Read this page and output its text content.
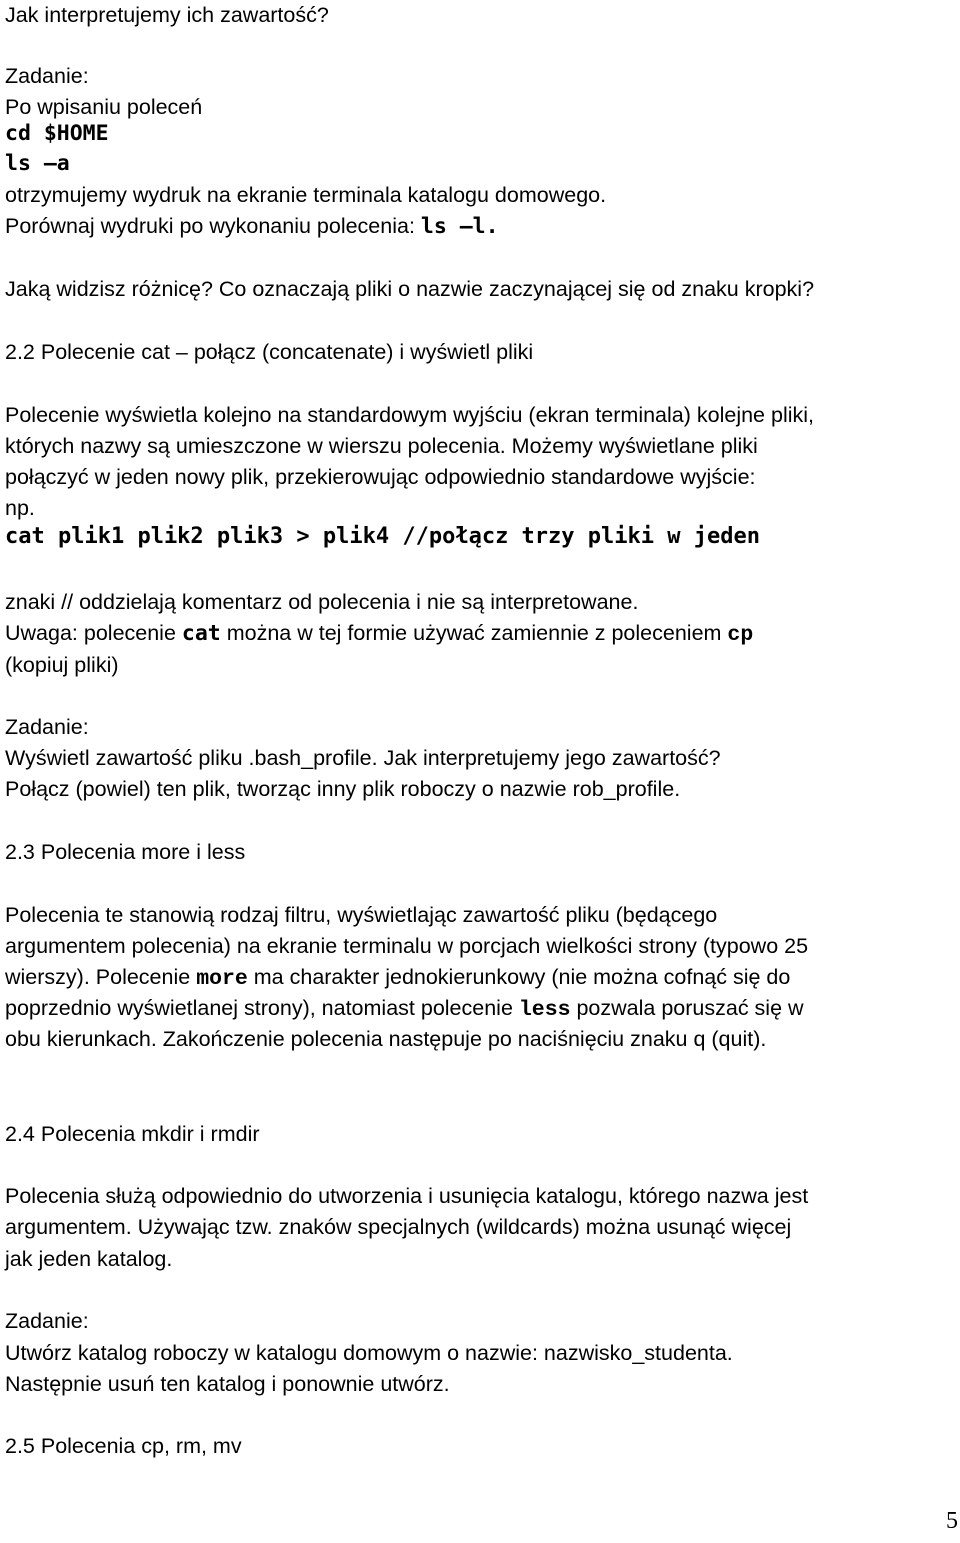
Jak interpretujemy ich zawartość?
Zadanie:
Po wpisaniu poleceń
cd $HOME
ls –a
otrzymujemy wydruk na ekranie terminala katalogu domowego.
Porównaj wydruki po wykonaniu polecenia: ls –l.
Jaką widzisz różnicę? Co oznaczają pliki o nazwie zaczynającej się od znaku kropki?
2.2 Polecenie cat – połącz (concatenate) i wyświetl pliki
Polecenie wyświetla kolejno na standardowym wyjściu (ekran terminala) kolejne pliki,
których nazwy są umieszczone w wierszu polecenia. Możemy wyświetlane pliki
połączyć w jeden nowy plik, przekierowując odpowiednio standardowe wyjście:
np.
cat plik1 plik2 plik3 > plik4 //połącz trzy pliki w jeden
znaki // oddzielają komentarz od polecenia i nie są interpretowane.
Uwaga: polecenie cat można w tej formie używać zamiennie z poleceniem cp
(kopiuj pliki)
Zadanie:
Wyświetl zawartość pliku .bash_profile. Jak interpretujemy jego zawartość?
Połącz (powiel) ten plik, tworząc inny plik roboczy o nazwie rob_profile.
2.3 Polecenia more i less
Polecenia te stanowią rodzaj filtru, wyświetlając zawartość pliku (będącego
argumentem polecenia) na ekranie terminalu w porcjach wielkości strony (typowo 25
wierszy). Polecenie more ma charakter jednokierunkowy (nie można cofnąć się do
poprzednio wyświetlanej strony), natomiast polecenie less pozwala poruszać się w
obu kierunkach. Zakończenie polecenia następuje po naciśnięciu znaku q (quit).
2.4 Polecenia mkdir i rmdir
Polecenia służą odpowiednio do utworzenia i usunięcia katalogu, którego nazwa jest
argumentem. Używając tzw. znaków specjalnych (wildcards) można usunąć więcej
jak jeden katalog.
Zadanie:
Utwórz katalog roboczy w katalogu domowym o nazwie: nazwisko_studenta.
Następnie usuń ten katalog i ponownie utwórz.
2.5 Polecenia cp, rm, mv
5
